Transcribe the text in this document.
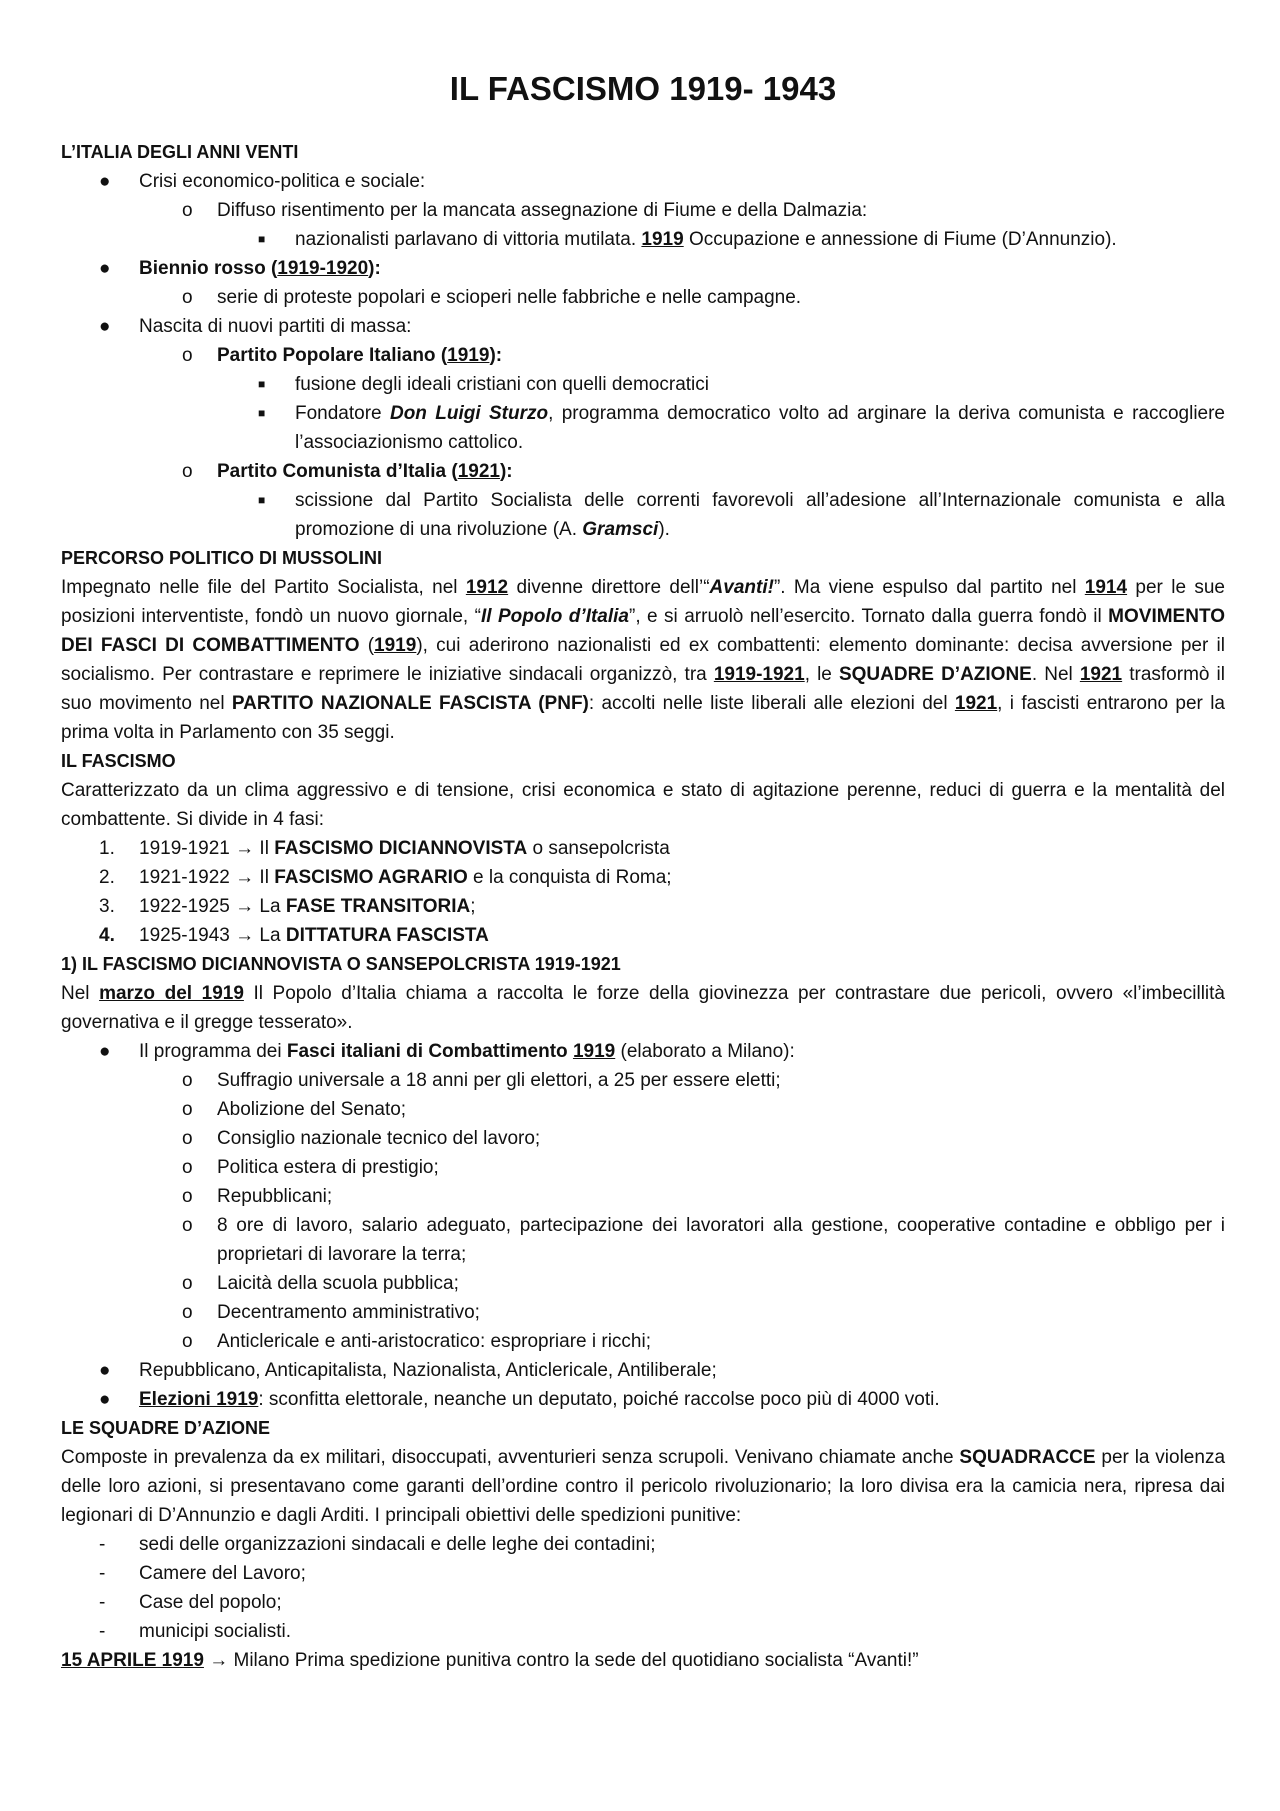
IL FASCISMO 1919- 1943
L’ITALIA DEGLI ANNI VENTI
● Crisi economico-politica e sociale:
o Diffuso risentimento per la mancata assegnazione di Fiume e della Dalmazia:
■ nazionalisti parlavano di vittoria mutilata. 1919 Occupazione e annessione di Fiume (D’Annunzio).
● Biennio rosso (1919-1920):
o serie di proteste popolari e scioperi nelle fabbriche e nelle campagne.
● Nascita di nuovi partiti di massa:
o Partito Popolare Italiano (1919):
■ fusione degli ideali cristiani con quelli democratici
■ Fondatore Don Luigi Sturzo, programma democratico volto ad arginare la deriva comunista e raccogliere l’associazionismo cattolico.
o Partito Comunista d’Italia (1921):
■ scissione dal Partito Socialista delle correnti favorevoli all’adesione all’Internazionale comunista e alla promozione di una rivoluzione (A. Gramsci).
PERCORSO POLITICO DI MUSSOLINI
Impegnato nelle file del Partito Socialista, nel 1912 divenne direttore dell’“Avanti!”. Ma viene espulso dal partito nel 1914 per le sue posizioni interventiste, fondò un nuovo giornale, “Il Popolo d’Italia”, e si arruolò nell’esercito. Tornato dalla guerra fondò il MOVIMENTO DEI FASCI DI COMBATTIMENTO (1919), cui aderirono nazionalisti ed ex combattenti: elemento dominante: decisa avversione per il socialismo. Per contrastare e reprimere le iniziative sindacali organizzò, tra 1919-1921, le SQUADRE D’AZIONE. Nel 1921 trasformò il suo movimento nel PARTITO NAZIONALE FASCISTA (PNF): accolti nelle liste liberali alle elezioni del 1921, i fascisti entrarono per la prima volta in Parlamento con 35 seggi.
IL FASCISMO
Caratterizzato da un clima aggressivo e di tensione, crisi economica e stato di agitazione perenne, reduci di guerra e la mentalità del combattente. Si divide in 4 fasi:
1. 1919-1921 → Il FASCISMO DICIANNOVISTA o sansepolcrista
2. 1921-1922 → Il FASCISMO AGRARIO e la conquista di Roma;
3. 1922-1925 → La FASE TRANSITORIA;
4. 1925-1943 → La DITTATURA FASCISTA
1) IL FASCISMO DICIANNOVISTA O SANSEPOLCRISTA 1919-1921
Nel marzo del 1919 Il Popolo d’Italia chiama a raccolta le forze della giovinezza per contrastare due pericoli, ovvero «l’imbecillità governativa e il gregge tesserato».
● Il programma dei Fasci italiani di Combattimento 1919 (elaborato a Milano):
o Suffragio universale a 18 anni per gli elettori, a 25 per essere eletti;
o Abolizione del Senato;
o Consiglio nazionale tecnico del lavoro;
o Politica estera di prestigio;
o Repubblicani;
o 8 ore di lavoro, salario adeguato, partecipazione dei lavoratori alla gestione, cooperative contadine e obbligo per i proprietari di lavorare la terra;
o Laicità della scuola pubblica;
o Decentramento amministrativo;
o Anticlericale e anti-aristocratico: espropriare i ricchi;
● Repubblicano, Anticapitalista, Nazionalista, Anticlericale, Antiliberale;
● Elezioni 1919: sconfitta elettorale, neanche un deputato, poiché raccolse poco più di 4000 voti.
LE SQUADRE D’AZIONE
Composte in prevalenza da ex militari, disoccupati, avventurieri senza scrupoli. Venivano chiamate anche SQUADRACCE per la violenza delle loro azioni, si presentavano come garanti dell’ordine contro il pericolo rivoluzionario; la loro divisa era la camicia nera, ripresa dai legionari di D’Annunzio e dagli Arditi. I principali obiettivi delle spedizioni punitive:
- sedi delle organizzazioni sindacali e delle leghe dei contadini;
- Camere del Lavoro;
- Case del popolo;
- municipi socialisti.
15 APRILE 1919 → Milano Prima spedizione punitiva contro la sede del quotidiano socialista “Avanti!”
